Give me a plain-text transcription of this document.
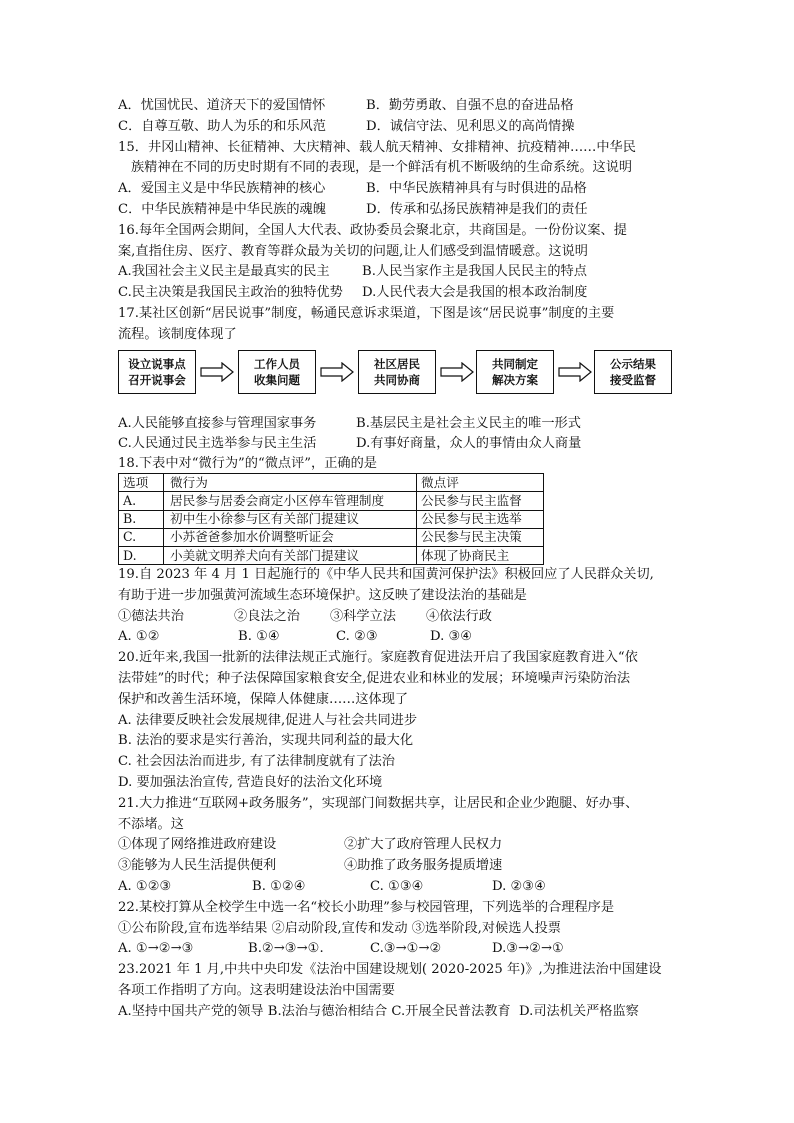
A．忧国忧民、道济天下的爱国情怀	B．勤劳勇敢、自强不息的奋进品格
C．自尊互敬、助人为乐的和乐风范	D．诚信守法、见利思义的高尚情操
15．井冈山精神、长征精神、大庆精神、载人航天精神、女排精神、抗疫精神……中华民
族精神在不同的历史时期有不同的表现，是一个鲜活有机不断吸纳的生命系统。这说明
A．爱国主义是中华民族精神的核心	B．中华民族精神具有与时俱进的品格
C．中华民族精神是中华民族的魂魄	D．传承和弘扬民族精神是我们的责任
16.每年全国两会期间，全国人大代表、政协委员会聚北京，共商国是。一份份议案、提
案,直指住房、医疗、教育等群众最为关切的问题,让人们感受到温情暖意。这说明
A.我国社会主义民主是最真实的民主	B.人民当家作主是我国人民民主的特点
C.民主决策是我国民主政治的独特优势	D.人民代表大会是我国的根本政治制度
17.某社区创新“居民说事”制度，畅通民意诉求渠道，下图是该“居民说事”制度的主要
流程。该制度体现了
设立说事点
召开说事会
工作人员
收集问题
社区居民
共同协商
共同制定
解决方案
公示结果
接受监督
A.人民能够直接参与管理国家事务	B.基层民主是社会主义民主的唯一形式
C.人民通过民主选举参与民主生活	D.有事好商量，众人的事情由众人商量
18.下表中对“微行为”的“微点评”，正确的是
选项	微行为	微点评
A.	居民参与居委会商定小区停车管理制度	公民参与民主监督
B.	初中生小徐参与区有关部门提建议	公民参与民主选举
C.	小苏爸爸参加水价调整听证会	公民参与民主决策
D.	小美就文明养犬向有关部门提建议	体现了协商民主
19.自 2023 年 4 月 1 日起施行的《中华人民共和国黄河保护法》积极回应了人民群众关切,
有助于进一步加强黄河流域生态环境保护。这反映了建设法治的基础是
①德法共治	②良法之治	③科学立法	④依法行政
A. ①②	B. ①④	C. ②③	D. ③④
20.近年来,我国一批新的法律法规正式施行。家庭教育促进法开启了我国家庭教育进入“依
法带娃”的时代；种子法保障国家粮食安全,促进农业和林业的发展；环境噪声污染防治法
保护和改善生活环境，保障人体健康……这体现了
A. 法律要反映社会发展规律,促进人与社会共同进步
B. 法治的要求是实行善治，实现共同利益的最大化
C. 社会因法治而进步, 有了法律制度就有了法治
D. 要加强法治宣传, 营造良好的法治文化环境
21.大力推进“互联网+政务服务”，实现部门间数据共享，让居民和企业少跑腿、好办事、
不添堵。这
①体现了网络推进政府建设	②扩大了政府管理人民权力
③能够为人民生活提供便利	④助推了政务服务提质增速
A. ①②③	B. ①②④	C. ①③④	D. ②③④
22.某校打算从全校学生中选一名“校长小助理”参与校园管理，下列选举的合理程序是
①公布阶段,宣布选举结果 ②启动阶段,宣传和发动 ③选举阶段,对候选人投票
A. ①→②→③	B.②→③→①.	C.③→①→②	D.③→②→①
23.2021 年 1 月,中共中央印发《法治中国建设规划( 2020-2025 年)》,为推进法治中国建设
各项工作指明了方向。这表明建设法治中国需要
A.坚持中国共产党的领导 B.法治与德治相结合 C.开展全民普法教育  D.司法机关严格监察
